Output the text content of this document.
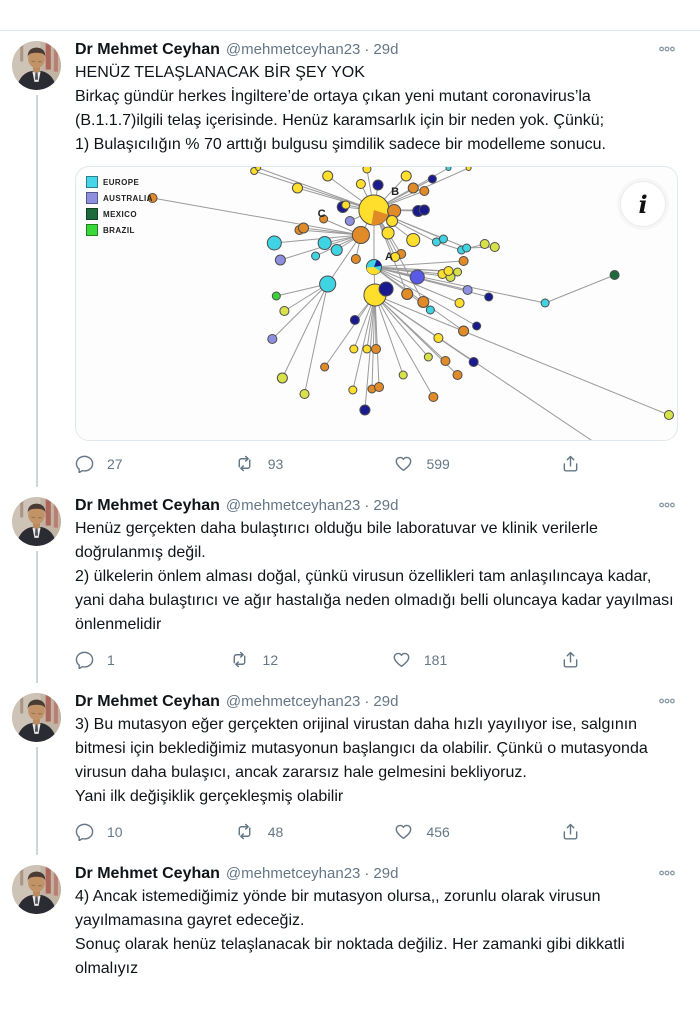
Dr Mehmet Ceyhan @mehmetceyhan23 · 29d

HENÜZ TELAŞLANACAK BİR ŞEY YOK

Birkaç gündür herkes İngiltere’de ortaya çıkan yeni mutant coronavirus’la (B.1.1.7)ilgili telaş içerisinde. Henüz karamsarlık için bir neden yok. Çünkü;

1) Bulaşıcılığın % 70 arttığı bulgusu şimdilik sadece bir modelleme sonucu.

B
A
C
EUROPE
AUSTRALIA
MEXICO
BRAZIL
i
27	93	599
Dr Mehmet Ceyhan @mehmetceyhan23 · 29d

Henüz gerçekten daha bulaştırıcı olduğu bile laboratuvar ve klinik verilerle doğrulanmış değil.

2) ülkelerin önlem alması doğal, çünkü virusun özellikleri tam anlaşılıncaya kadar, yani daha bulaştırıcı ve ağır hastalığa neden olmadığı belli oluncaya kadar yayılması önlenmelidir

1	12	181
Dr Mehmet Ceyhan @mehmetceyhan23 · 29d

3) Bu mutasyon eğer gerçekten orijinal virustan daha hızlı yayılıyor ise, salgının bitmesi için beklediğimiz mutasyonun başlangıcı da olabilir. Çünkü o mutasyonda virusun daha bulaşıcı, ancak zararsız hale gelmesini bekliyoruz.

Yani ilk değişiklik gerçekleşmiş olabilir

10	48	456
Dr Mehmet Ceyhan @mehmetceyhan23 · 29d

4) Ancak istemediğimiz yönde bir mutasyon olursa,, zorunlu olarak virusun yayılmamasına gayret edeceğiz.

Sonuç olarak henüz telaşlanacak bir noktada değiliz. Her zamanki gibi dikkatli olmalıyız
